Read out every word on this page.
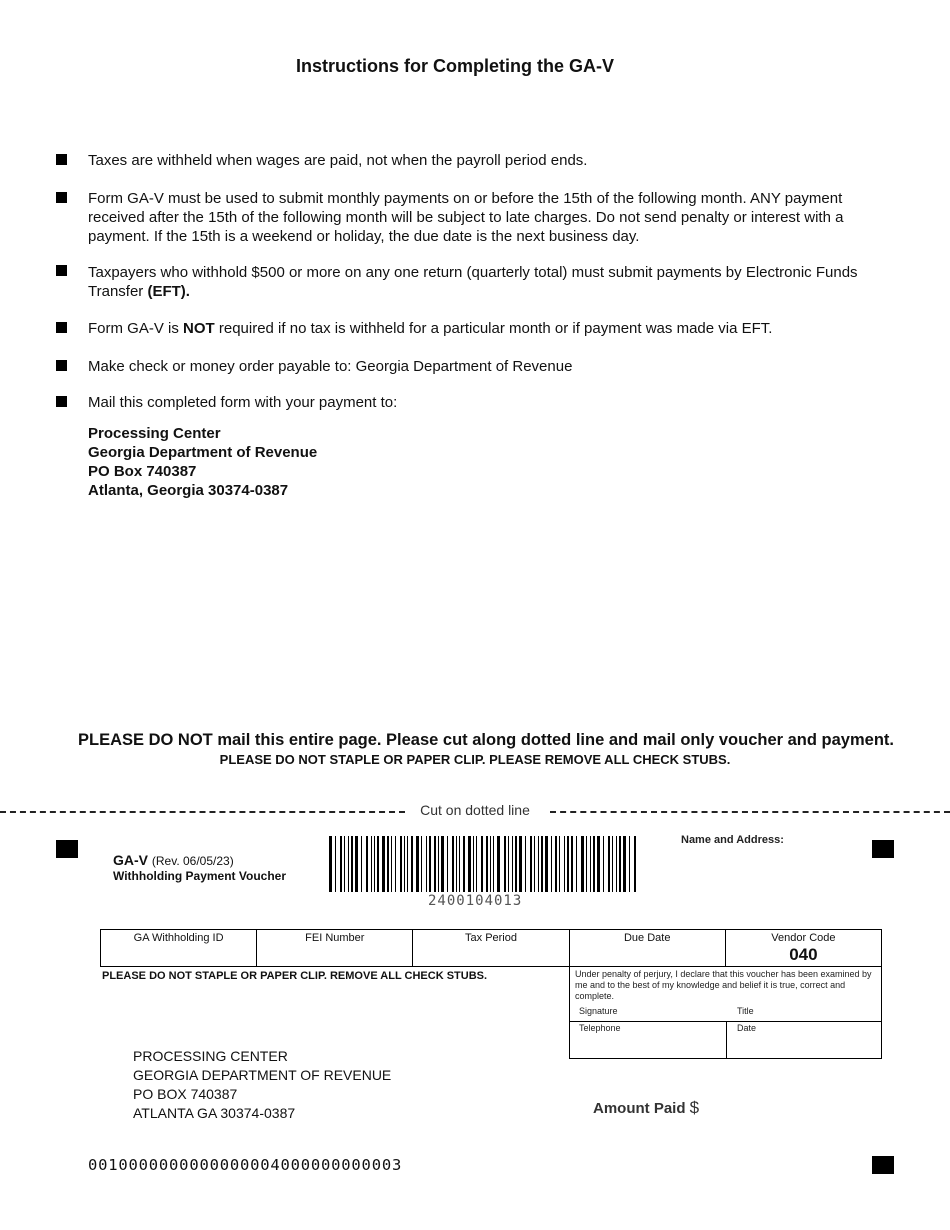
Instructions for Completing the GA-V
Taxes are withheld when wages are paid, not when the payroll period ends.
Form GA-V must be used to submit monthly payments on or before the 15th of the following month. ANY payment received after the 15th of the following month will be subject to late charges. Do not send penalty or interest with a payment. If the 15th is a weekend or holiday, the due date is the next business day.
Taxpayers who withhold $500 or more on any one return (quarterly total) must submit payments by Electronic Funds Transfer (EFT).
Form GA-V is NOT required if no tax is withheld for a particular month or if payment was made via EFT.
Make check or money order payable to: Georgia Department of Revenue
Mail this completed form with your payment to:
Processing Center
Georgia Department of Revenue
PO Box 740387
Atlanta, Georgia 30374-0387
PLEASE DO NOT mail this entire page. Please cut along dotted line and mail only voucher and payment.
PLEASE DO NOT STAPLE OR PAPER CLIP. PLEASE REMOVE ALL CHECK STUBS.
Cut on dotted line
GA-V (Rev. 06/05/23)
Withholding Payment Voucher
2400104013
Name and Address:
GA Withholding ID	FEI Number	Tax Period	Due Date	Vendor Code
040
PLEASE DO NOT STAPLE OR PAPER CLIP. REMOVE ALL CHECK STUBS.	Under penalty of perjury, I declare that this voucher has been examined by me and to the best of my knowledge and belief it is true, correct and complete.
Signature	Title
Telephone	Date
PROCESSING CENTER
GEORGIA DEPARTMENT OF REVENUE
PO BOX 740387
ATLANTA GA 30374-0387	Amount Paid $
0010000000000000004000000000003
